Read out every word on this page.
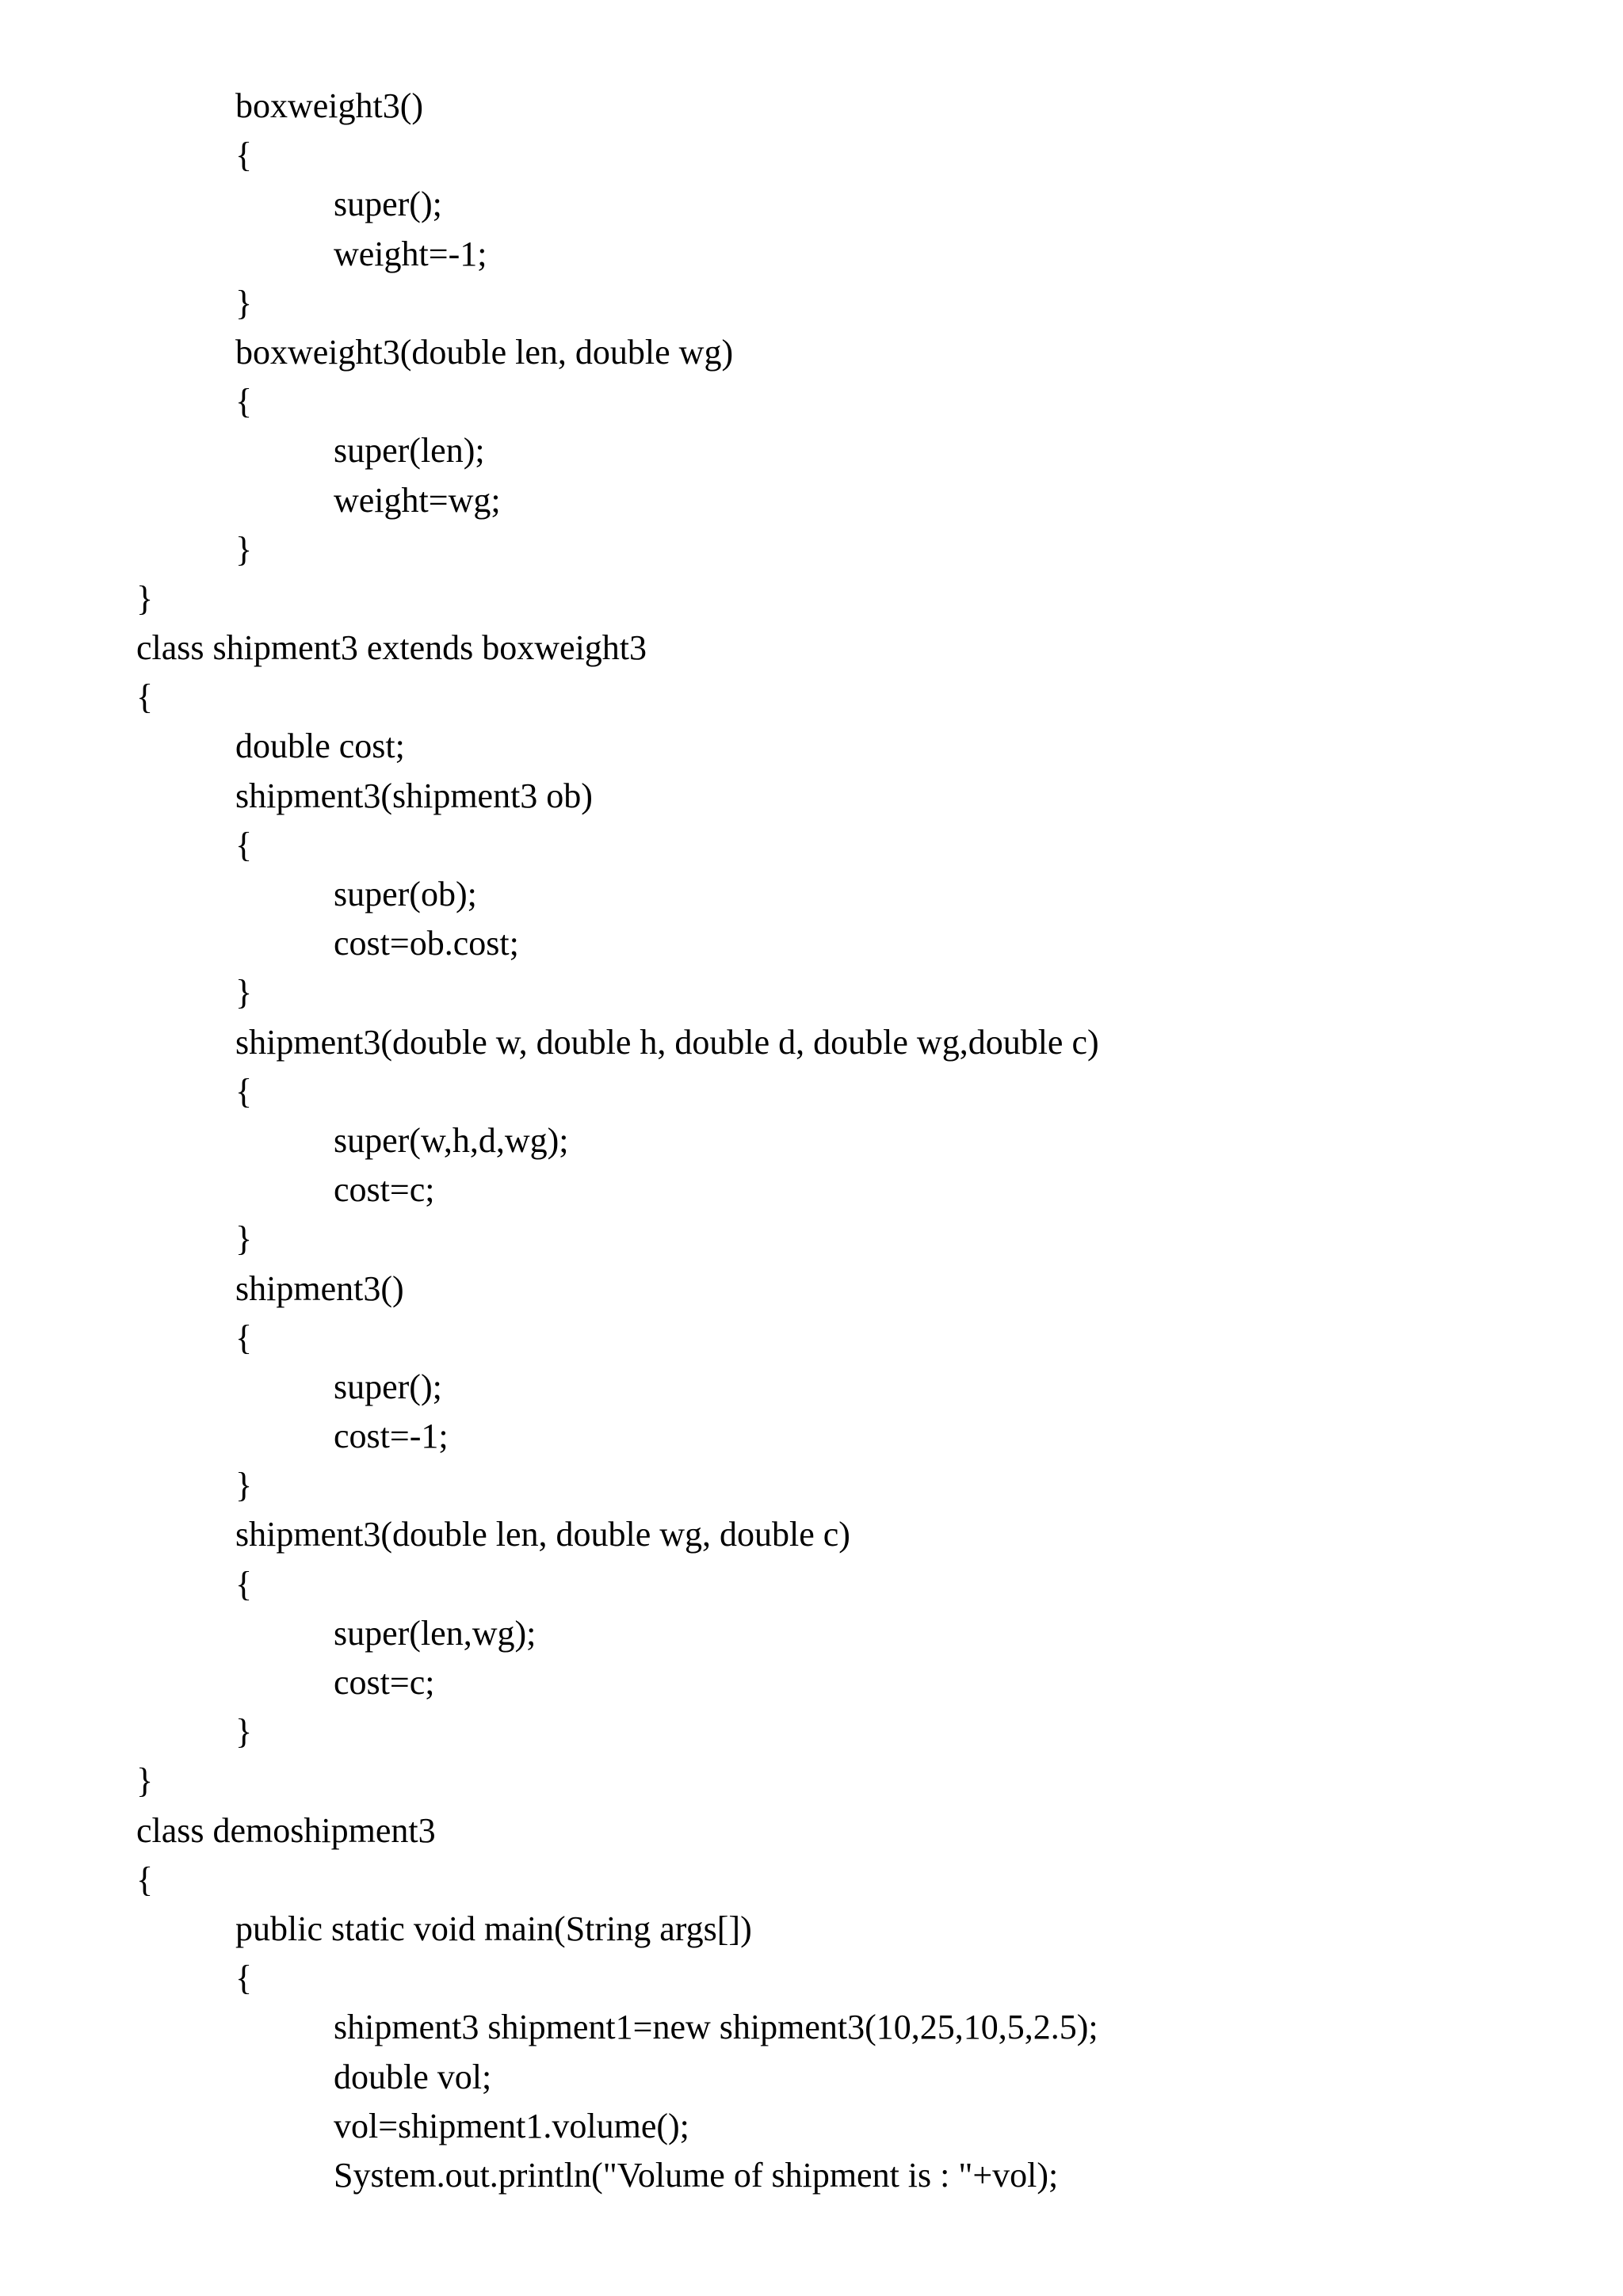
boxweight3()
{
super();
weight=-1;
}
boxweight3(double len, double wg)
{
super(len);
weight=wg;
}
}
class shipment3 extends boxweight3
{
double cost;
shipment3(shipment3 ob)
{
super(ob);
cost=ob.cost;
}
shipment3(double w, double h, double d, double wg,double c)
{
super(w,h,d,wg);
cost=c;
}
shipment3()
{
super();
cost=-1;
}
shipment3(double len, double wg, double c)
{
super(len,wg);
cost=c;
}
}
class demoshipment3
{
public static void main(String args[])
{
shipment3 shipment1=new shipment3(10,25,10,5,2.5);
double vol;
vol=shipment1.volume();
System.out.println("Volume of shipment is : "+vol);
